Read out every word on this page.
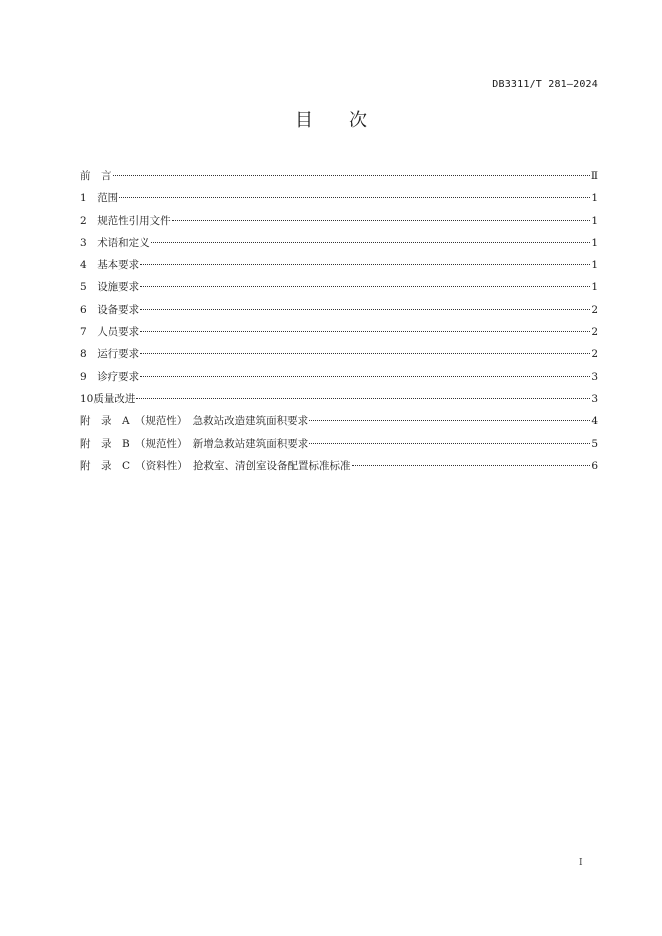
DB3311/T 281—2024
目 次
前　言	Ⅱ
1　 范围	1
2　 规范性引用文件	1
3　 术语和定义	1
4　 基本要求	1
5　 设施要求	1
6　 设备要求	2
7　 人员要求	2
8　 运行要求	2
9　 诊疗要求	3
10 质量改进	3
附　录　A　（规范性）　 急救站改造建筑面积要求	4
附　录　B　（规范性）　 新增急救站建筑面积要求	5
附　录　C　（资料性）　 抢救室、清创室设备配置标准标准	6
I
